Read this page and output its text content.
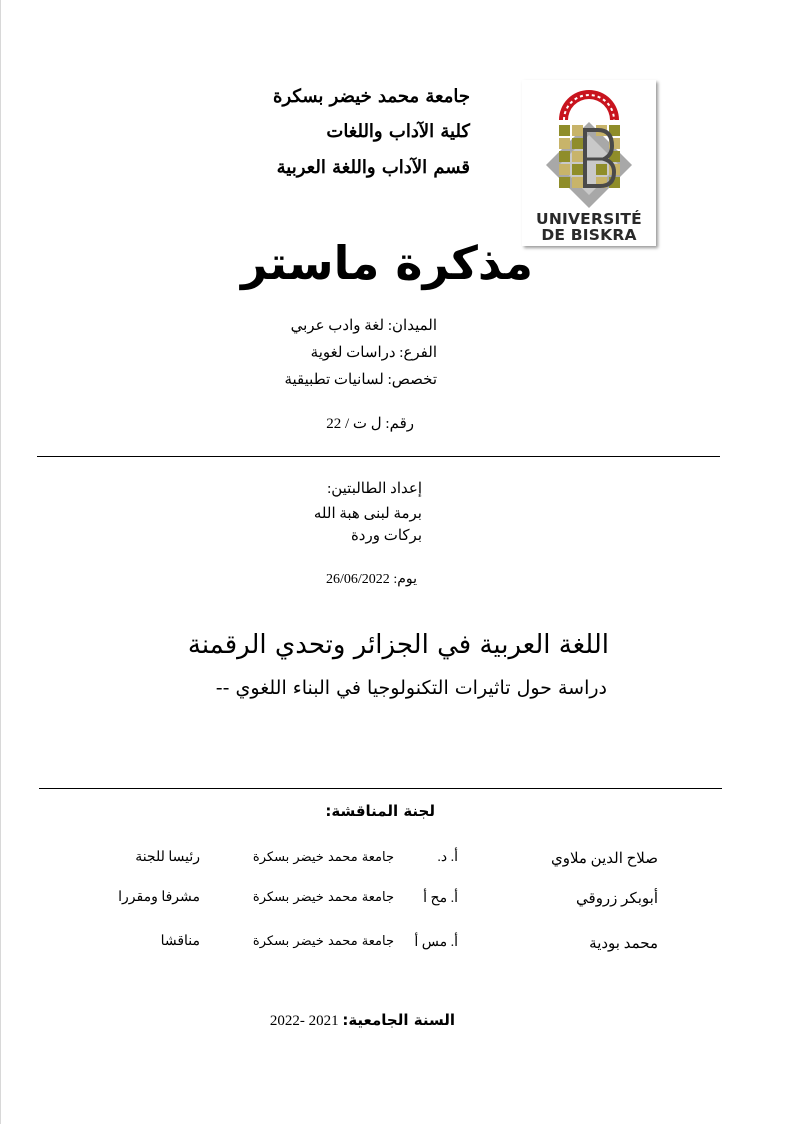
جامعة محمد خيضر بسكرة
كلية الآداب واللغات
قسم الآداب واللغة العربية
UNIVERSITÉ
DE BISKRA
مذكرة ماستر
الميدان: لغة وادب عربي
الفرع: دراسات لغوية
تخصص: لسانيات تطبيقية
رقم: ل ت / 22
إعداد الطالبتين:
برمة لبنى هبة الله
بركات وردة
يوم: 26/06/2022
اللغة العربية في الجزائر وتحدي الرقمنة
دراسة حول تاثيرات التكنولوجيا في البناء اللغوي --
لجنة المناقشة:
صلاح الدين ملاوي
أ. د.
جامعة محمد خيضر بسكرة
رئيسا للجنة
أبوبكر زروقي
أ. مح أ
جامعة محمد خيضر بسكرة
مشرفا ومقررا
محمد بودية
أ. مس أ
جامعة محمد خيضر بسكرة
مناقشا
السنة الجامعية: 2021 -2022
